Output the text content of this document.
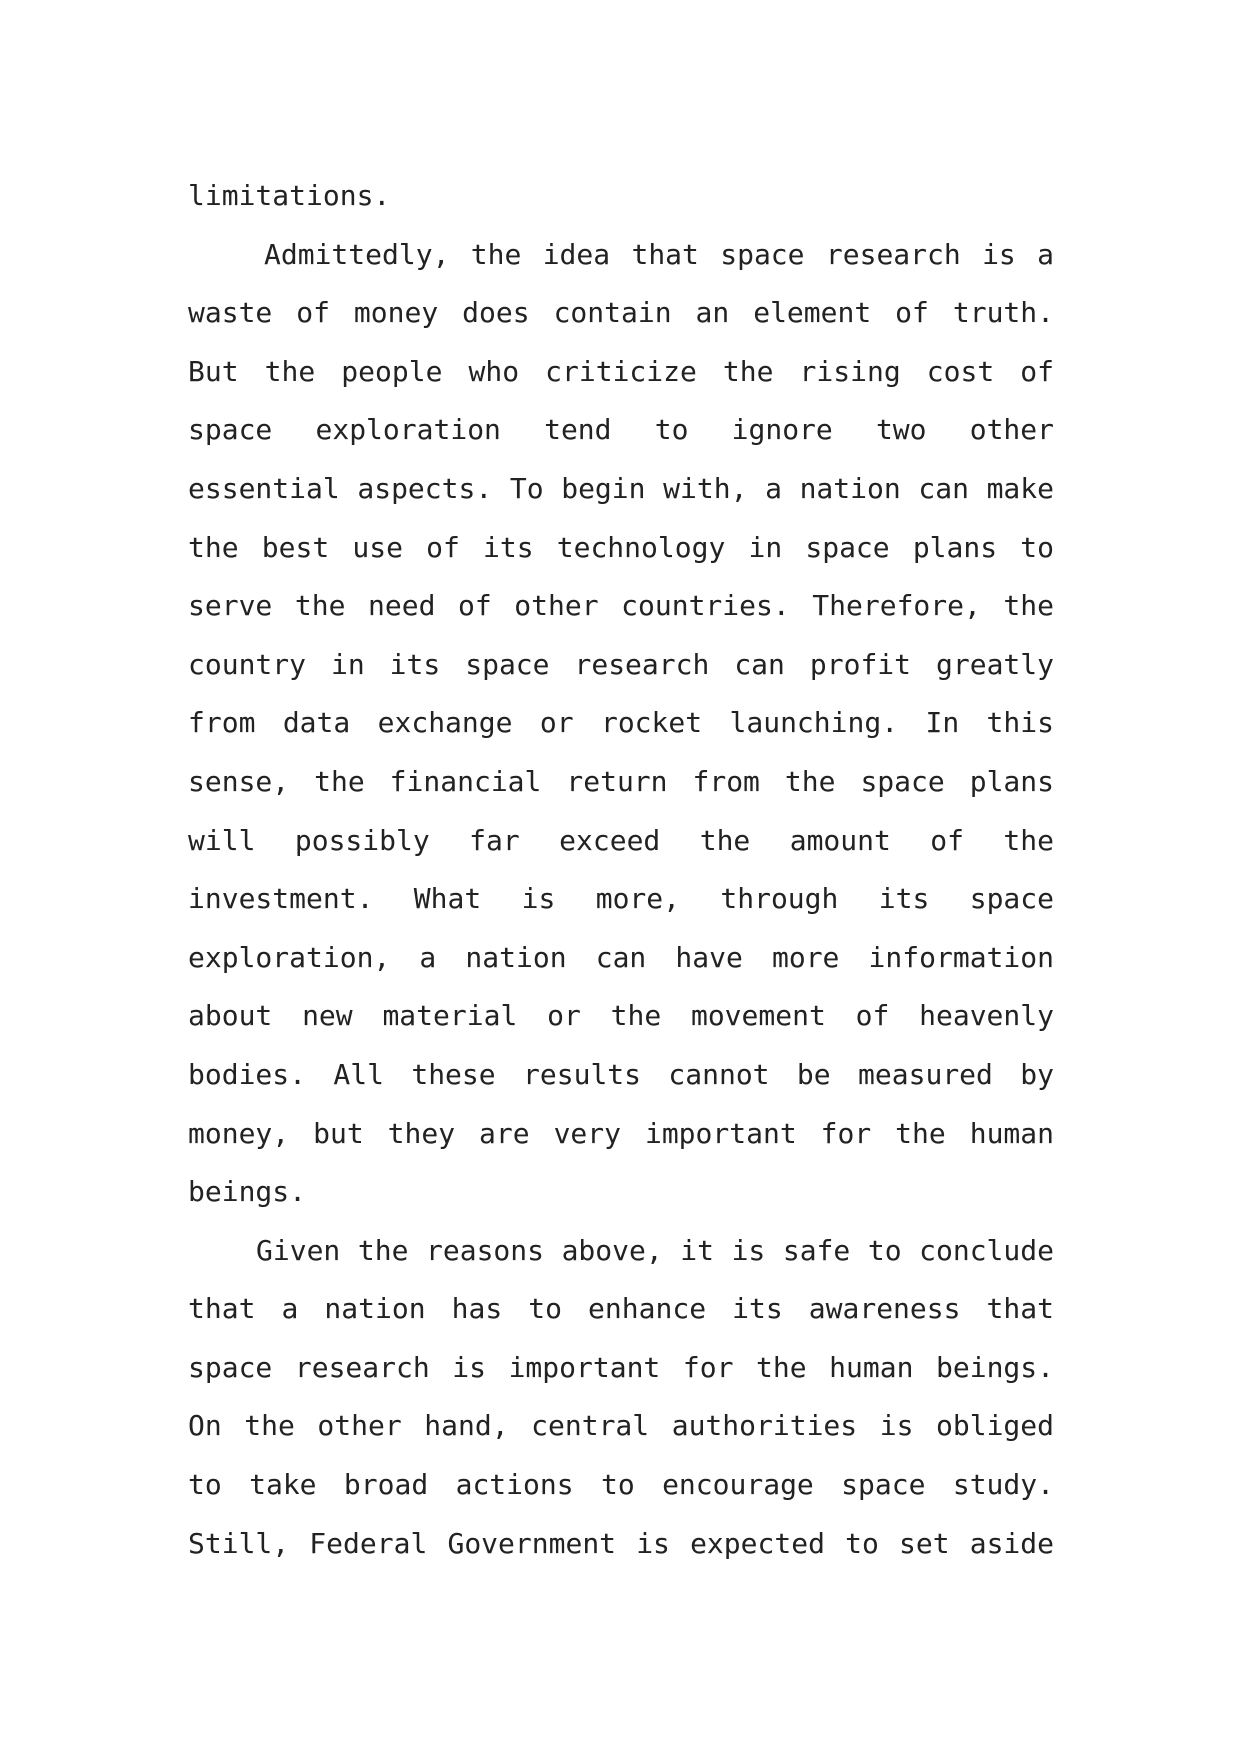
limitations.
Admittedly, the idea that space research is a
waste of money does contain an element of truth.
But the people who criticize the rising cost of
space exploration tend to ignore two other
essential aspects. To begin with, a nation can make
the best use of its technology in space plans to
serve the need of other countries. Therefore, the
country in its space research can profit greatly
from data exchange or rocket launching. In this
sense, the financial return from the space plans
will possibly far exceed the amount of the
investment. What is more, through its space
exploration, a nation can have more information
about new material or the movement of heavenly
bodies. All these results cannot be measured by
money, but they are very important for the human
beings.
Given the reasons above, it is safe to conclude
that a nation has to enhance its awareness that
space research is important for the human beings.
On the other hand, central authorities is obliged
to take broad actions to encourage space study.
Still, Federal Government is expected to set aside
